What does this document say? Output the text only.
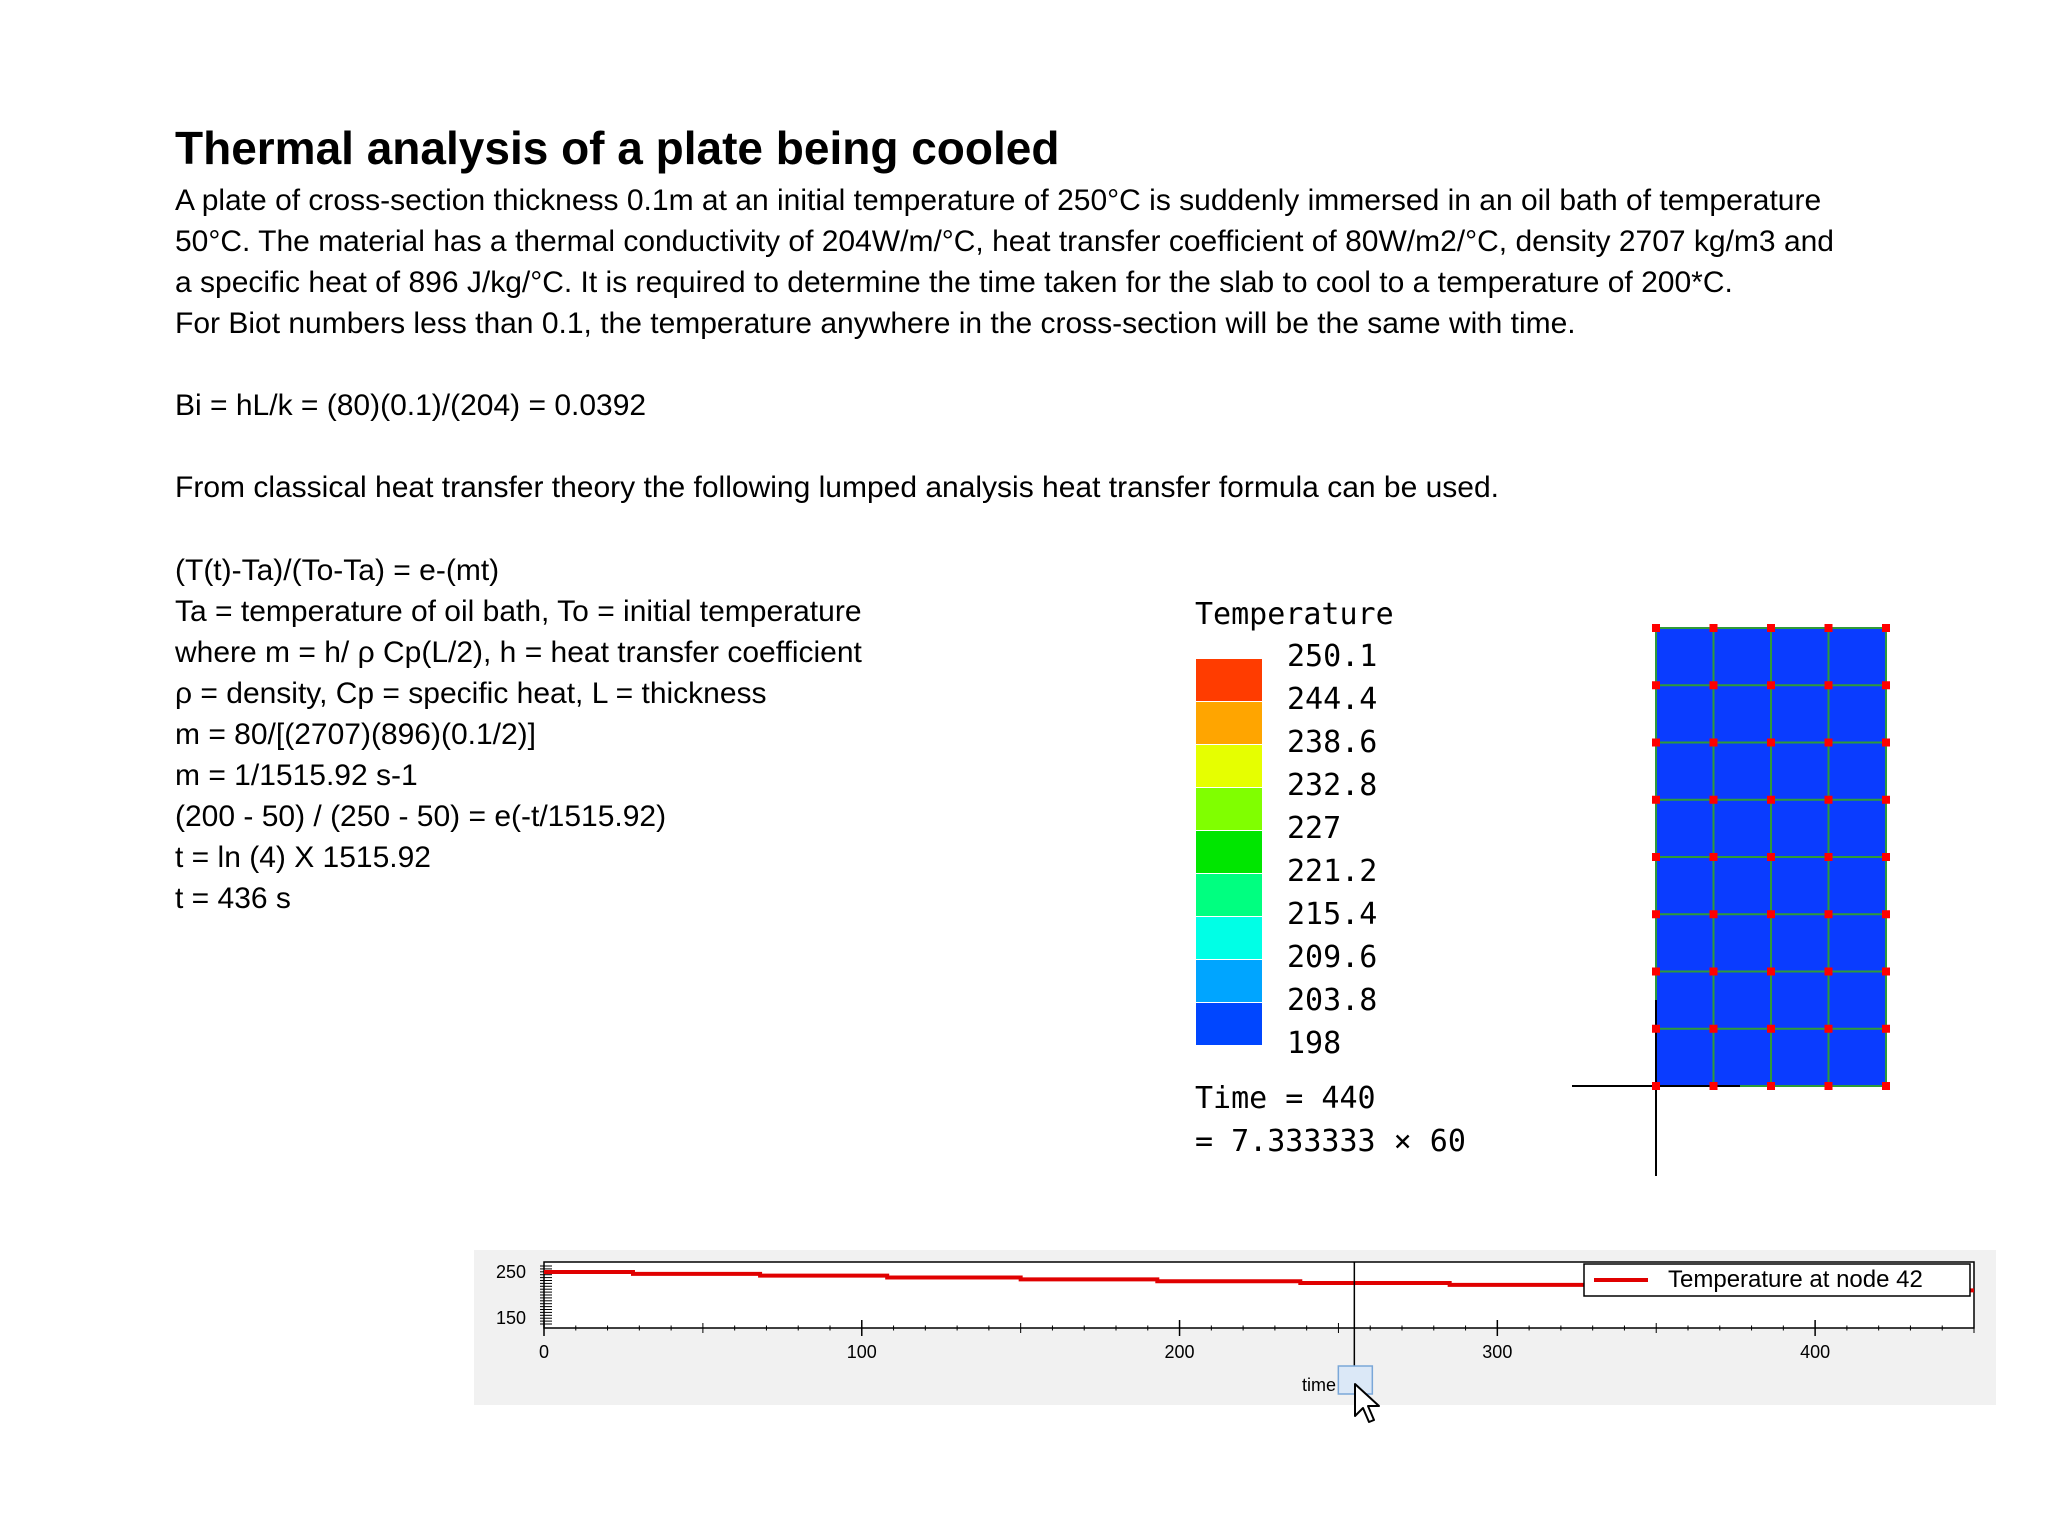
Thermal analysis of a plate being cooled
A plate of cross-section thickness 0.1m at an initial temperature of 250°C is suddenly immersed in an oil bath of temperature
50°C. The material has a thermal conductivity of 204W/m/°C, heat transfer coefficient of 80W/m2/°C, density 2707 kg/m3 and
a specific heat of 896 J/kg/°C. It is required to determine the time taken for the slab to cool to a temperature of 200*C.
For Biot numbers less than 0.1, the temperature anywhere in the cross-section will be the same with time.
Bi = hL/k = (80)(0.1)/(204) = 0.0392
From classical heat transfer theory the following lumped analysis heat transfer formula can be used.
(T(t)-Ta)/(To-Ta) = e-(mt)
Ta = temperature of oil bath, To = initial temperature
where m = h/ ρ Cp(L/2), h = heat transfer coefficient
ρ = density, Cp = specific heat, L = thickness
m = 80/[(2707)(896)(0.1/2)]
m = 1/1515.92 s-1
(200 - 50) / (250 - 50) = e(-t/1515.92)
t = ln (4) X 1515.92
t = 436 s
Temperature
250.1
244.4
238.6
232.8
227
221.2
215.4
209.6
203.8
198
Time = 440
= 7.333333 × 60
0	100	200	300	400
250
150
time
Temperature at node 42
